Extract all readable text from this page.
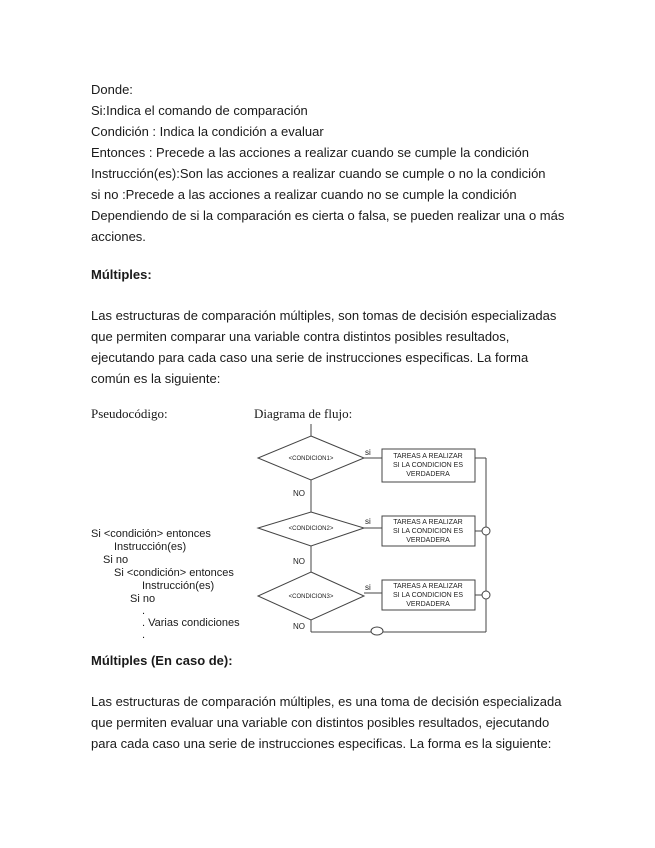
Donde:
Si:Indica el comando de comparación
Condición : Indica la condición a evaluar
Entonces : Precede a las acciones a realizar cuando se cumple la condición
Instrucción(es):Son las acciones a realizar cuando se cumple o no la condición
si no :Precede a las acciones a realizar cuando no se cumple la condición
Dependiendo de si la comparación es cierta o falsa, se pueden realizar una o más
acciones.
Múltiples:
Las estructuras de comparación múltiples, son tomas de decisión especializadas
que permiten comparar una variable contra distintos posibles resultados,
ejecutando para cada caso una serie de instrucciones especificas. La forma
común es la siguiente:
Pseudocódigo:	Diagrama de flujo:
Si <condición> entonces
Instrucción(es)
Si no
Si <condición> entonces
Instrucción(es)
Si no
.
. Varias condiciones
.
<CONDICION1>
<CONDICION2>
<CONDICION3>
si
si
si
NO
NO
NO
TAREAS A REALIZAR
SI LA CONDICION ES
VERDADERA
TAREAS A REALIZAR
SI LA CONDICION ES
VERDADERA
TAREAS A REALIZAR
SI LA CONDICION ES
VERDADERA
Múltiples (En caso de):
Las estructuras de comparación múltiples, es una toma de decisión especializada
que permiten evaluar una variable con distintos posibles resultados, ejecutando
para cada caso una serie de instrucciones especificas. La forma es la siguiente:
